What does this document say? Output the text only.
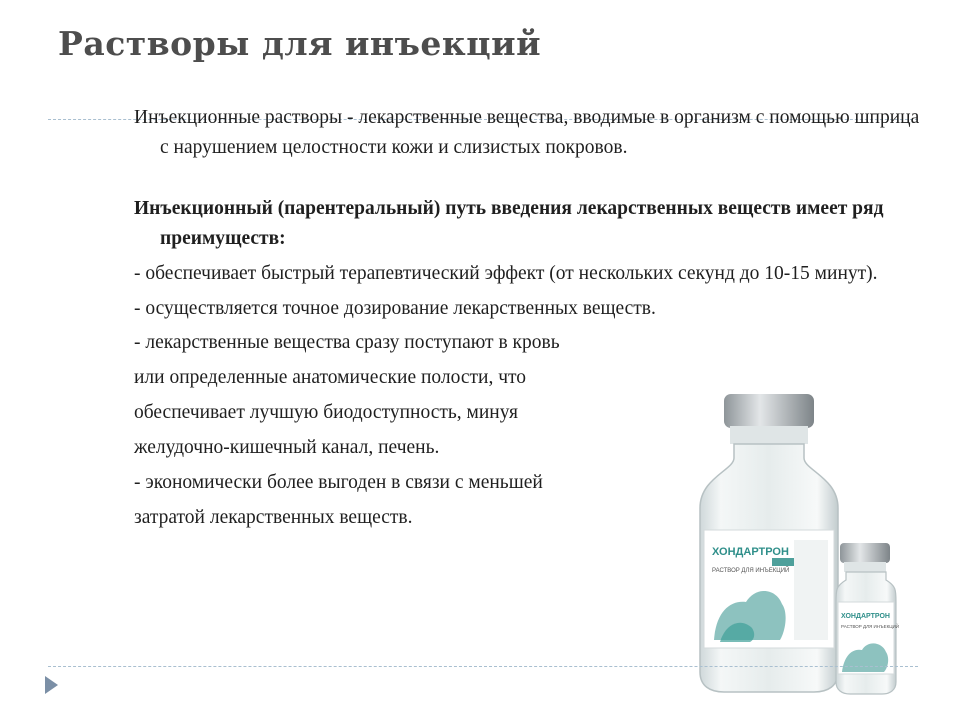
Растворы для инъекций

Инъекционные растворы - лекарственные вещества, вводимые в организм с помощью шприца с нарушением целостности кожи и слизистых покровов.

Инъекционный (парентеральный) путь введения лекарственных веществ имеет ряд преимуществ:

- обеспечивает быстрый терапевтический эффект (от нескольких секунд до 10-15 минут).

- осуществляется точное дозирование лекарственных веществ.

- лекарственные вещества сразу поступают в кровь

или определенные анатомические полости, что

обеспечивает лучшую биодоступность, минуя

желудочно-кишечный канал, печень.

- экономически более выгоден в связи с меньшей

затратой лекарственных веществ.

ХОНДАРТРОН
РАСТВОР ДЛЯ ИНЪЕКЦИЙ
ХОНДАРТРОН
РАСТВОР ДЛЯ ИНЪЕКЦИЙ
